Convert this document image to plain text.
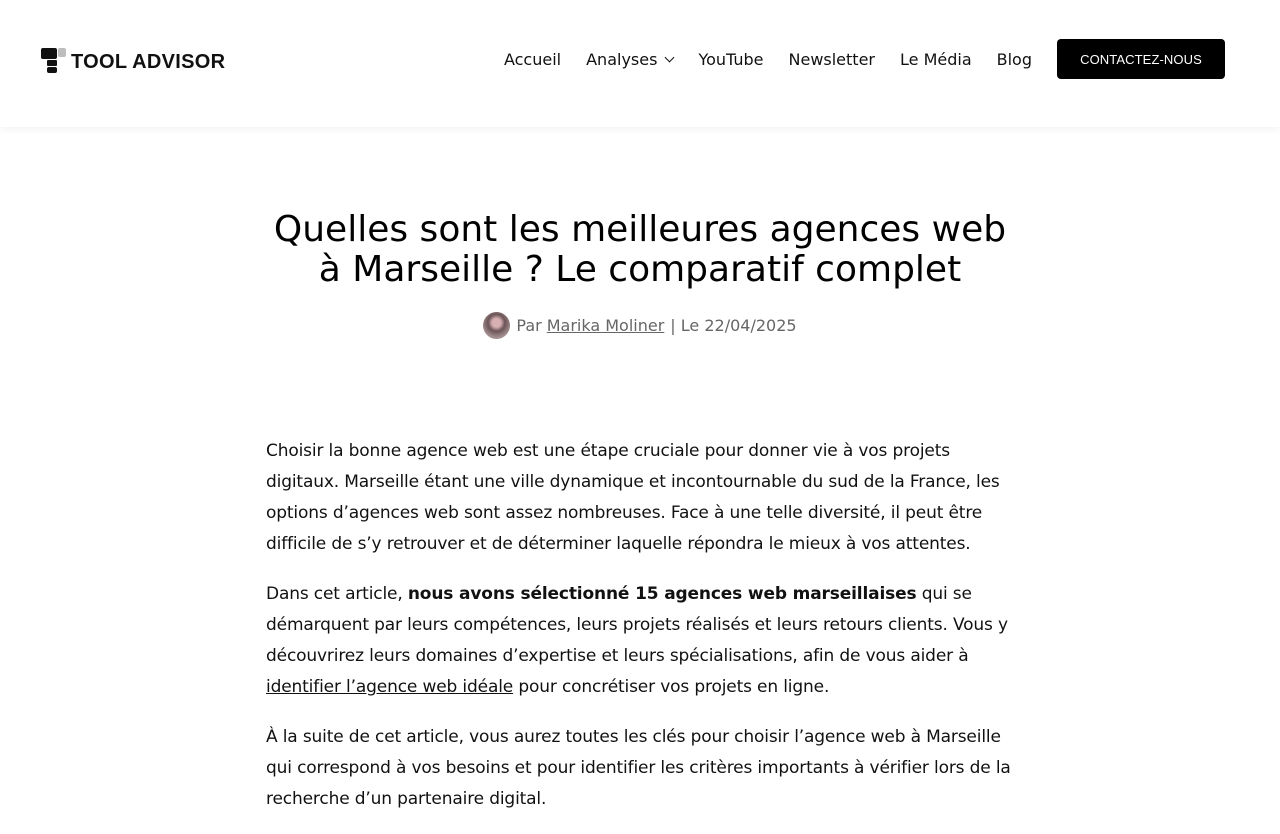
TOOL ADVISOR	Accueil Analyses	YouTube Newsletter Le Média Blog	CONTACTEZ-NOUS
Quelles sont les meilleures agences web
à Marseille ? Le comparatif complet
Par Marika Moliner |
Le
22/04/2025

Choisir la bonne agence web est une étape cruciale pour donner vie à vos projets digitaux. Marseille étant une ville dynamique et incontournable du sud de la France, les options d’agences web sont assez nombreuses. Face à une telle diversité, il peut être difficile de s’y retrouver et de déterminer laquelle répondra le mieux à vos attentes.

Dans cet article, nous avons sélectionné 15 agences web marseillaises qui se démarquent par leurs compétences, leurs projets réalisés et leurs retours clients. Vous y découvrirez leurs domaines d’expertise et leurs spécialisations, afin de vous aider à identifier l’agence web idéale pour concrétiser vos projets en ligne.

À la suite de cet article, vous aurez toutes les clés pour choisir l’agence web à Marseille qui correspond à vos besoins et pour identifier les critères importants à vérifier lors de la recherche d’un partenaire digital.
